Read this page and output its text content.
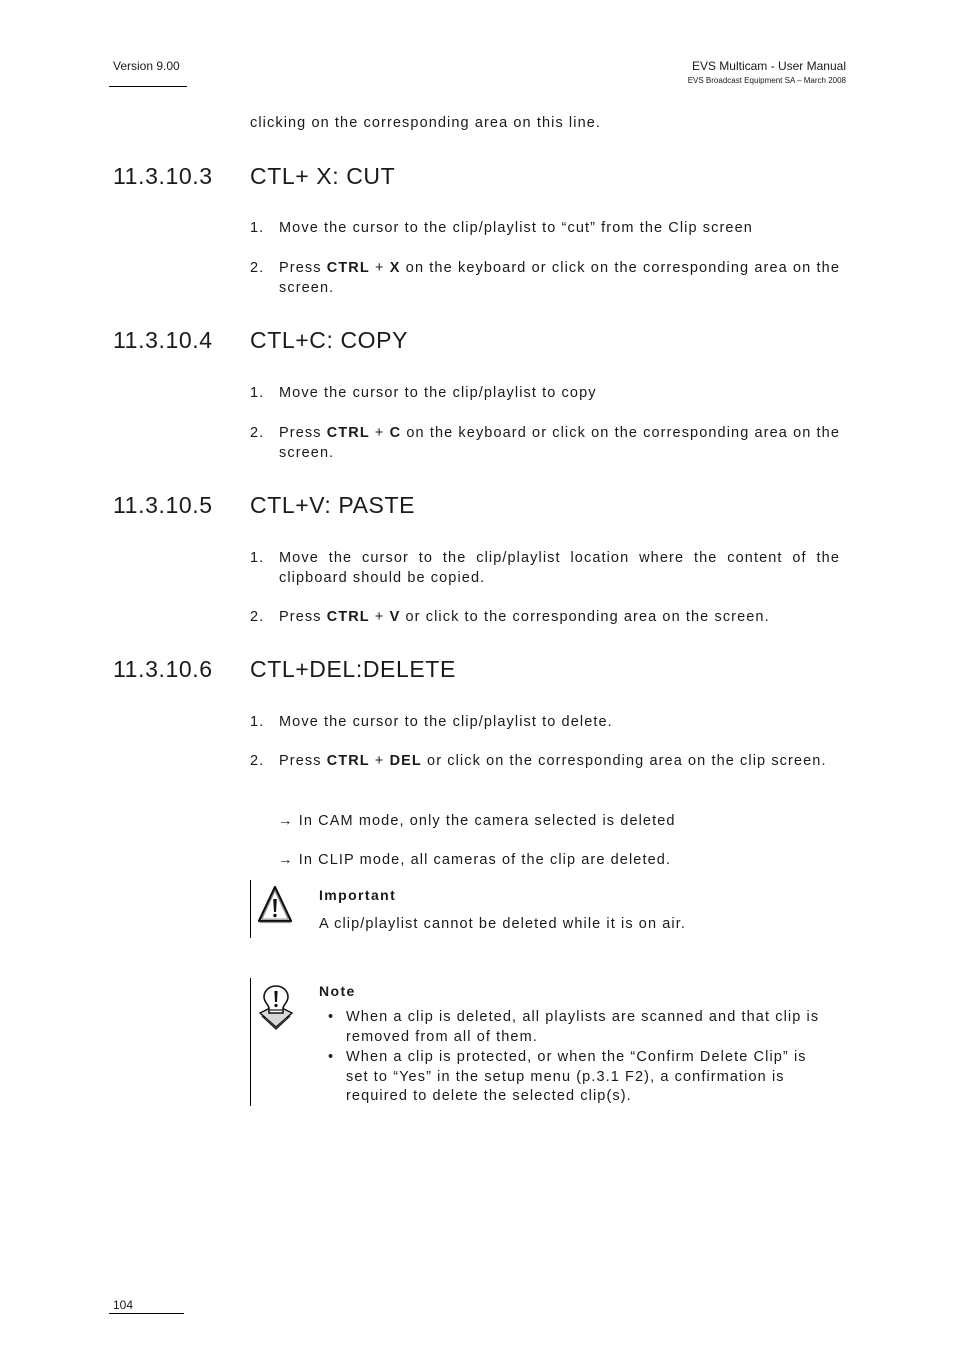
Version 9.00	EVS Multicam - User Manual
EVS Broadcast Equipment SA – March 2008
clicking on the corresponding area on this line.
11.3.10.3 CTL+ X: CUT
1. Move the cursor to the clip/playlist to “cut” from the Clip screen
2. Press CTRL + X on the keyboard or click on the corresponding area on the screen.
11.3.10.4 CTL+C: COPY
1. Move the cursor to the clip/playlist to copy
2. Press CTRL + C on the keyboard or click on the corresponding area on the screen.
11.3.10.5 CTL+V: PASTE
1. Move the cursor to the clip/playlist location where the content of the clipboard should be copied.
2. Press CTRL + V or click to the corresponding area on the screen.
11.3.10.6 CTL+DEL:DELETE
1. Move the cursor to the clip/playlist to delete.
2. Press CTRL + DEL or click on the corresponding area on the clip screen.
→ In CAM mode, only the camera selected is deleted
→ In CLIP mode, all cameras of the clip are deleted.
Important
A clip/playlist cannot be deleted while it is on air.
Note
• When a clip is deleted, all playlists are scanned and that clip is removed from all of them.
• When a clip is protected, or when the “Confirm Delete Clip” is set to “Yes” in the setup menu (p.3.1 F2), a confirmation is required to delete the selected clip(s).
104
